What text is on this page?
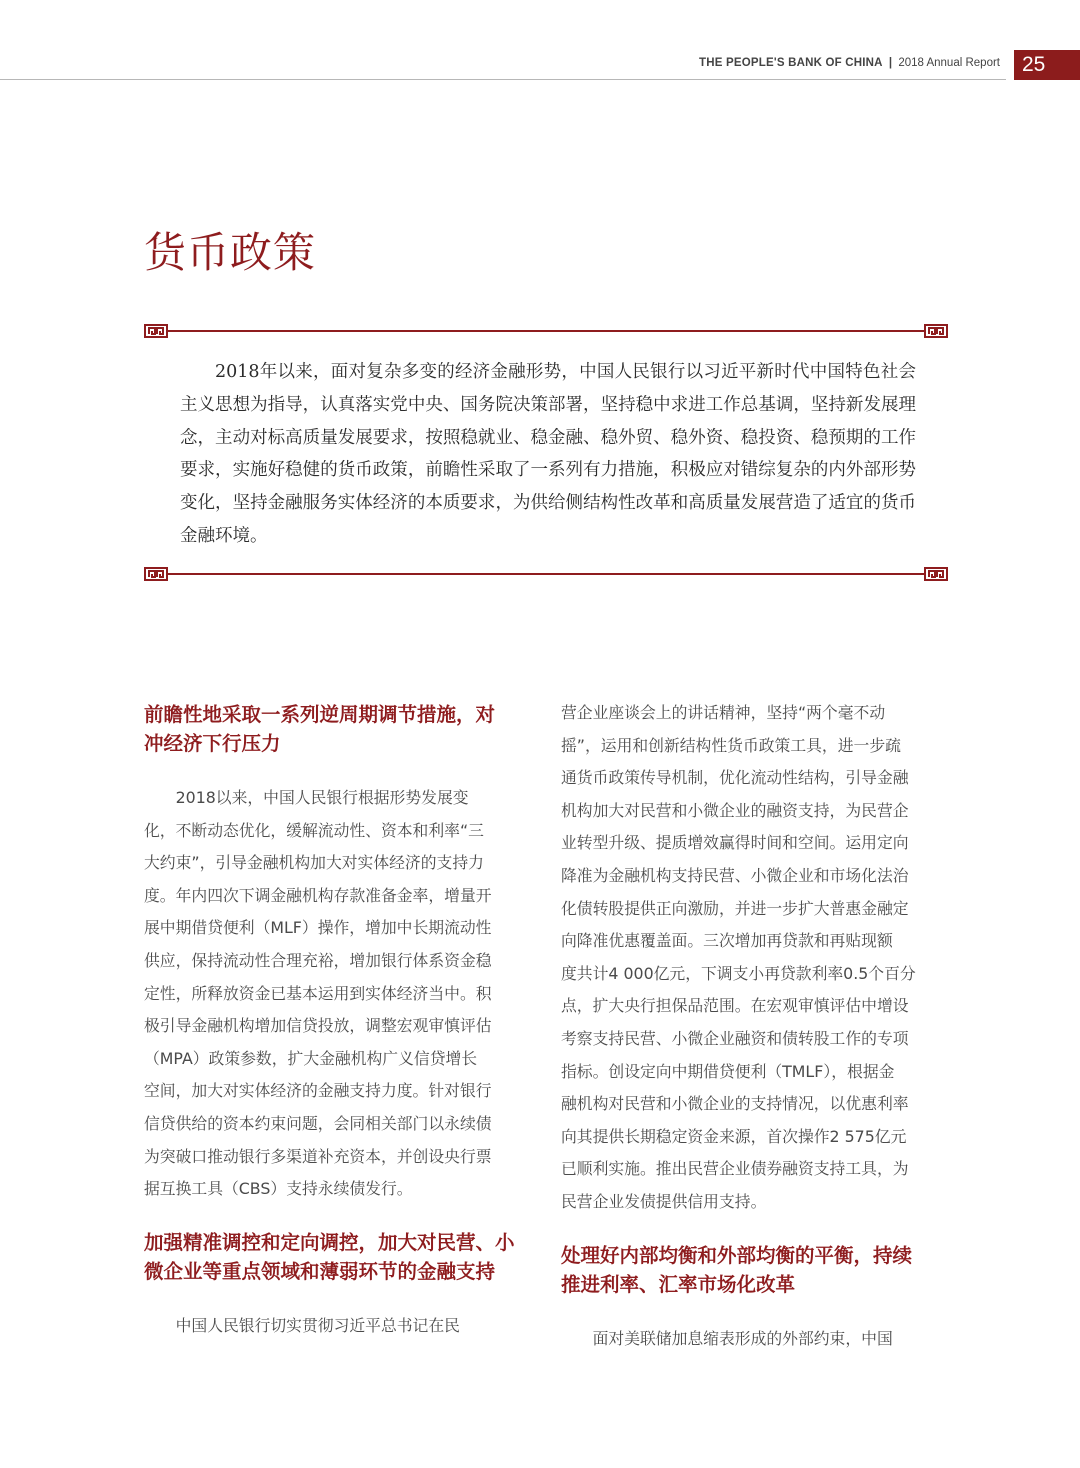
THE PEOPLE'S BANK OF CHINA | 2018 Annual Report 25
货币政策
2018年以来，面对复杂多变的经济金融形势，中国人民银行以习近平新时代中国特色社会主义思想为指导，认真落实党中央、国务院决策部署，坚持稳中求进工作总基调，坚持新发展理念，主动对标高质量发展要求，按照稳就业、稳金融、稳外贸、稳外资、稳投资、稳预期的工作要求，实施好稳健的货币政策，前瞻性采取了一系列有力措施，积极应对错综复杂的内外部形势变化，坚持金融服务实体经济的本质要求，为供给侧结构性改革和高质量发展营造了适宜的货币金融环境。
前瞻性地采取一系列逆周期调节措施，对
冲经济下行压力

　　2018以来，中国人民银行根据形势发展变
化，不断动态优化，缓解流动性、资本和利率“三
大约束”，引导金融机构加大对实体经济的支持力
度。年内四次下调金融机构存款准备金率，增量开
展中期借贷便利（MLF）操作，增加中长期流动性
供应，保持流动性合理充裕，增加银行体系资金稳
定性，所释放资金已基本运用到实体经济当中。积
极引导金融机构增加信贷投放，调整宏观审慎评估
（MPA）政策参数，扩大金融机构广义信贷增长
空间，加大对实体经济的金融支持力度。针对银行
信贷供给的资本约束问题，会同相关部门以永续债
为突破口推动银行多渠道补充资本，并创设央行票
据互换工具（CBS）支持永续债发行。

加强精准调控和定向调控，加大对民营、小
微企业等重点领域和薄弱环节的金融支持

　　中国人民银行切实贯彻习近平总书记在民

营企业座谈会上的讲话精神，坚持“两个毫不动
摇”，运用和创新结构性货币政策工具，进一步疏
通货币政策传导机制，优化流动性结构，引导金融
机构加大对民营和小微企业的融资支持，为民营企
业转型升级、提质增效赢得时间和空间。运用定向
降准为金融机构支持民营、小微企业和市场化法治
化债转股提供正向激励，并进一步扩大普惠金融定
向降准优惠覆盖面。三次增加再贷款和再贴现额
度共计4 000亿元，下调支小再贷款利率0.5个百分
点，扩大央行担保品范围。在宏观审慎评估中增设
考察支持民营、小微企业融资和债转股工作的专项
指标。创设定向中期借贷便利（TMLF），根据金
融机构对民营和小微企业的支持情况，以优惠利率
向其提供长期稳定资金来源，首次操作2 575亿元
已顺利实施。推出民营企业债券融资支持工具，为
民营企业发债提供信用支持。

处理好内部均衡和外部均衡的平衡，持续
推进利率、汇率市场化改革

　　面对美联储加息缩表形成的外部约束，中国
